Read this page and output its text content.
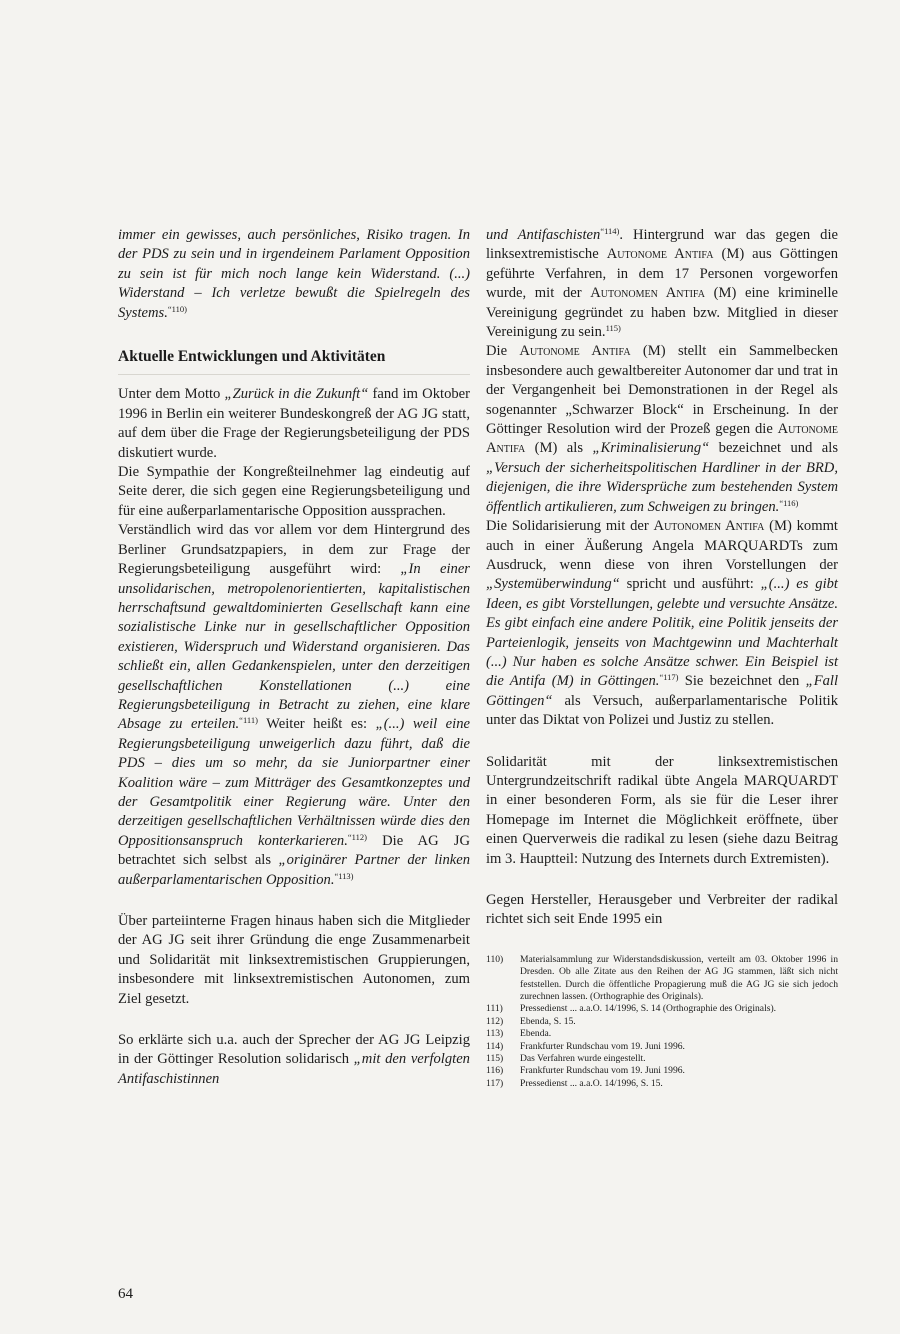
immer ein gewisses, auch persönliches, Risiko tragen. In der PDS zu sein und in irgendeinem Parlament Opposition zu sein ist für mich noch lange kein Widerstand. (...) Widerstand – Ich verletze bewußt die Spielregeln des Systems.$^{“110)}$

Aktuelle Entwicklungen und Aktivitäten

Unter dem Motto „Zurück in die Zukunft“ fand im Oktober 1996 in Berlin ein weiterer Bundeskongreß der AG JG statt, auf dem über die Frage der Regierungsbeteiligung der PDS diskutiert wurde.

Die Sympathie der Kongreßteilnehmer lag eindeutig auf Seite derer, die sich gegen eine Regierungsbeteiligung und für eine außerparlamentarische Opposition aussprachen.

Verständlich wird das vor allem vor dem Hintergrund des Berliner Grundsatzpapiers, in dem zur Frage der Regierungsbeteiligung ausgeführt wird: „In einer unsolidarischen, metropolenorientierten, kapitalistischen herrschaftsund gewaltdominierten Gesellschaft kann eine sozialistische Linke nur in gesellschaftlicher Opposition existieren, Widerspruch und Widerstand organisieren. Das schließt ein, allen Gedankenspielen, unter den derzeitigen gesellschaftlichen Konstellationen (...) eine Regierungsbeteiligung in Betracht zu ziehen, eine klare Absage zu erteilen.$^{“111)}$ Weiter heißt es: „(...) weil eine Regierungsbeteiligung unweigerlich dazu führt, daß die PDS – dies um so mehr, da sie Juniorpartner einer Koalition wäre – zum Mitträger des Gesamtkonzeptes und der Gesamtpolitik einer Regierung wäre. Unter den derzeitigen gesellschaftlichen Verhältnissen würde dies den Oppositionsanspruch konterkarieren.$^{“112)}$ Die AG JG betrachtet sich selbst als „originärer Partner der linken außerparlamentarischen Opposition.$^{“113)}$

Über parteiinterne Fragen hinaus haben sich die Mitglieder der AG JG seit ihrer Gründung die enge Zusammenarbeit und Solidarität mit linksextremistischen Gruppierungen, insbesondere mit linksextremistischen Autonomen, zum Ziel gesetzt.

So erklärte sich u.a. auch der Sprecher der AG JG Leipzig in der Göttinger Resolution solidarisch „mit den verfolgten Antifaschistinnen

und Antifaschisten$^{“114)}$. Hintergrund war das gegen die linksextremistische Autonome Antifa (M) aus Göttingen geführte Verfahren, in dem 17 Personen vorgeworfen wurde, mit der Autonomen Antifa (M) eine kriminelle Vereinigung gegründet zu haben bzw. Mitglied in dieser Vereinigung zu sein.$^{115)}$

Die Autonome Antifa (M) stellt ein Sammelbecken insbesondere auch gewaltbereiter Autonomer dar und trat in der Vergangenheit bei Demonstrationen in der Regel als sogenannter „Schwarzer Block“ in Erscheinung. In der Göttinger Resolution wird der Prozeß gegen die Autonome Antifa (M) als „Kriminalisierung“ bezeichnet und als „Versuch der sicherheitspolitischen Hardliner in der BRD, diejenigen, die ihre Widersprüche zum bestehenden System öffentlich artikulieren, zum Schweigen zu bringen.$^{“116)}$

Die Solidarisierung mit der Autonomen Antifa (M) kommt auch in einer Äußerung Angela MARQUARDTs zum Ausdruck, wenn diese von ihren Vorstellungen der „Systemüberwindung“ spricht und ausführt: „(...) es gibt Ideen, es gibt Vorstellungen, gelebte und versuchte Ansätze. Es gibt einfach eine andere Politik, eine Politik jenseits der Parteienlogik, jenseits von Machtgewinn und Machterhalt (...) Nur haben es solche Ansätze schwer. Ein Beispiel ist die Antifa (M) in Göttingen.$^{“117)}$ Sie bezeichnet den „Fall Göttingen“ als Versuch, außerparlamentarische Politik unter das Diktat von Polizei und Justiz zu stellen.

Solidarität mit der linksextremistischen Untergrundzeitschrift radikal übte Angela MARQUARDT in einer besonderen Form, als sie für die Leser ihrer Homepage im Internet die Möglichkeit eröffnete, über einen Querverweis die radikal zu lesen (siehe dazu Beitrag im 3. Hauptteil: Nutzung des Internets durch Extremisten).

Gegen Hersteller, Herausgeber und Verbreiter der radikal richtet sich seit Ende 1995 ein

110)	Materialsammlung zur Widerstandsdiskussion, verteilt am 03. Oktober 1996 in Dresden. Ob alle Zitate aus den Reihen der AG JG stammen, läßt sich nicht feststellen. Durch die öffentliche Propagierung muß die AG JG sie sich jedoch zurechnen lassen. (Orthographie des Originals).
111)	Pressedienst ... a.a.O. 14/1996, S. 14 (Orthographie des Originals).
112)	Ebenda, S. 15.
113)	Ebenda.
114)	Frankfurter Rundschau vom 19. Juni 1996.
115)	Das Verfahren wurde eingestellt.
116)	Frankfurter Rundschau vom 19. Juni 1996.
117)	Pressedienst ... a.a.O. 14/1996, S. 15.
64
